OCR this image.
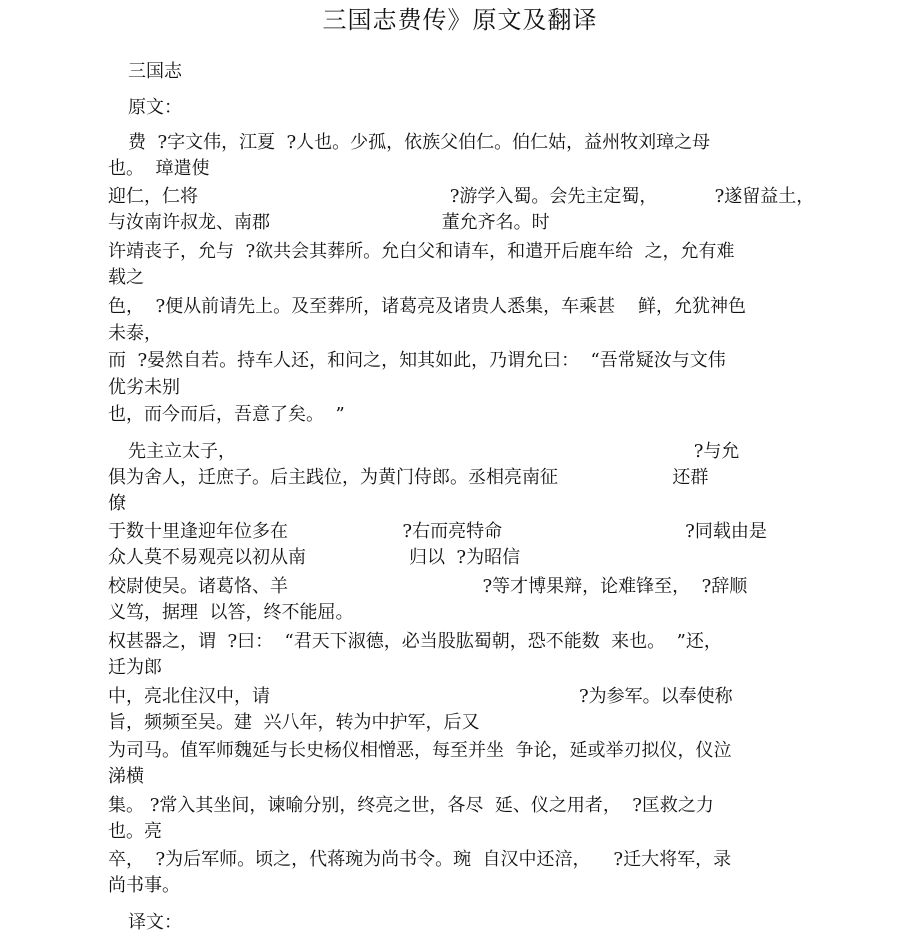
三国志费传》原文及翻译
三国志
原文：
费  ?字文伟，江夏  ?人也。少孤，依族父伯仁。伯仁姑，益州牧刘璋之母
也。  璋遣使
迎仁，仁将                                            ?游学入蜀。会先主定蜀，          ?遂留益土，
与汝南许叔龙、南郡                              董允齐名。时
许靖丧子，允与  ?欲共会其葬所。允白父和请车，和遣开后鹿车给  之，允有难
载之
色，  ?便从前请先上。及至葬所，诸葛亮及诸贵人悉集，车乘甚    鲜，允犹神色
未泰，
而  ?晏然自若。持车人还，和问之，知其如此，乃谓允曰：  “吾常疑汝与文伟
优劣未别
也，而今而后，吾意了矣。  ”
先主立太子，                                                                                ?与允
俱为舍人，迁庶子。后主践位，为黄门侍郎。丞相亮南征                    还群
僚
于数十里逢迎年位多在                    ?右而亮特命                                ?同载由是
众人莫不易观亮以初从南                  归以  ?为昭信
校尉使吴。诸葛恪、羊                                  ?等才博果辩，论难锋至，  ?辞顺
义笃，据理  以答，终不能屈。
权甚器之，谓  ?曰：  “君天下淑德，必当股肱蜀朝，恐不能数  来也。  ”还，
迁为郎
中，亮北住汉中，请                                                      ?为参军。以奉使称
旨，频频至吴。建  兴八年，转为中护军，后又
为司马。值军师魏延与长史杨仪相憎恶，每至并坐  争论，延或举刃拟仪，仪泣
涕横
集。 ?常入其坐间，谏喻分别，终亮之世，各尽  延、仪之用者，  ?匡救之力
也。亮
卒，  ?为后军师。顷之，代蒋琬为尚书令。琬  自汉中还涪，    ?迁大将军，录
尚书事。
译文：
